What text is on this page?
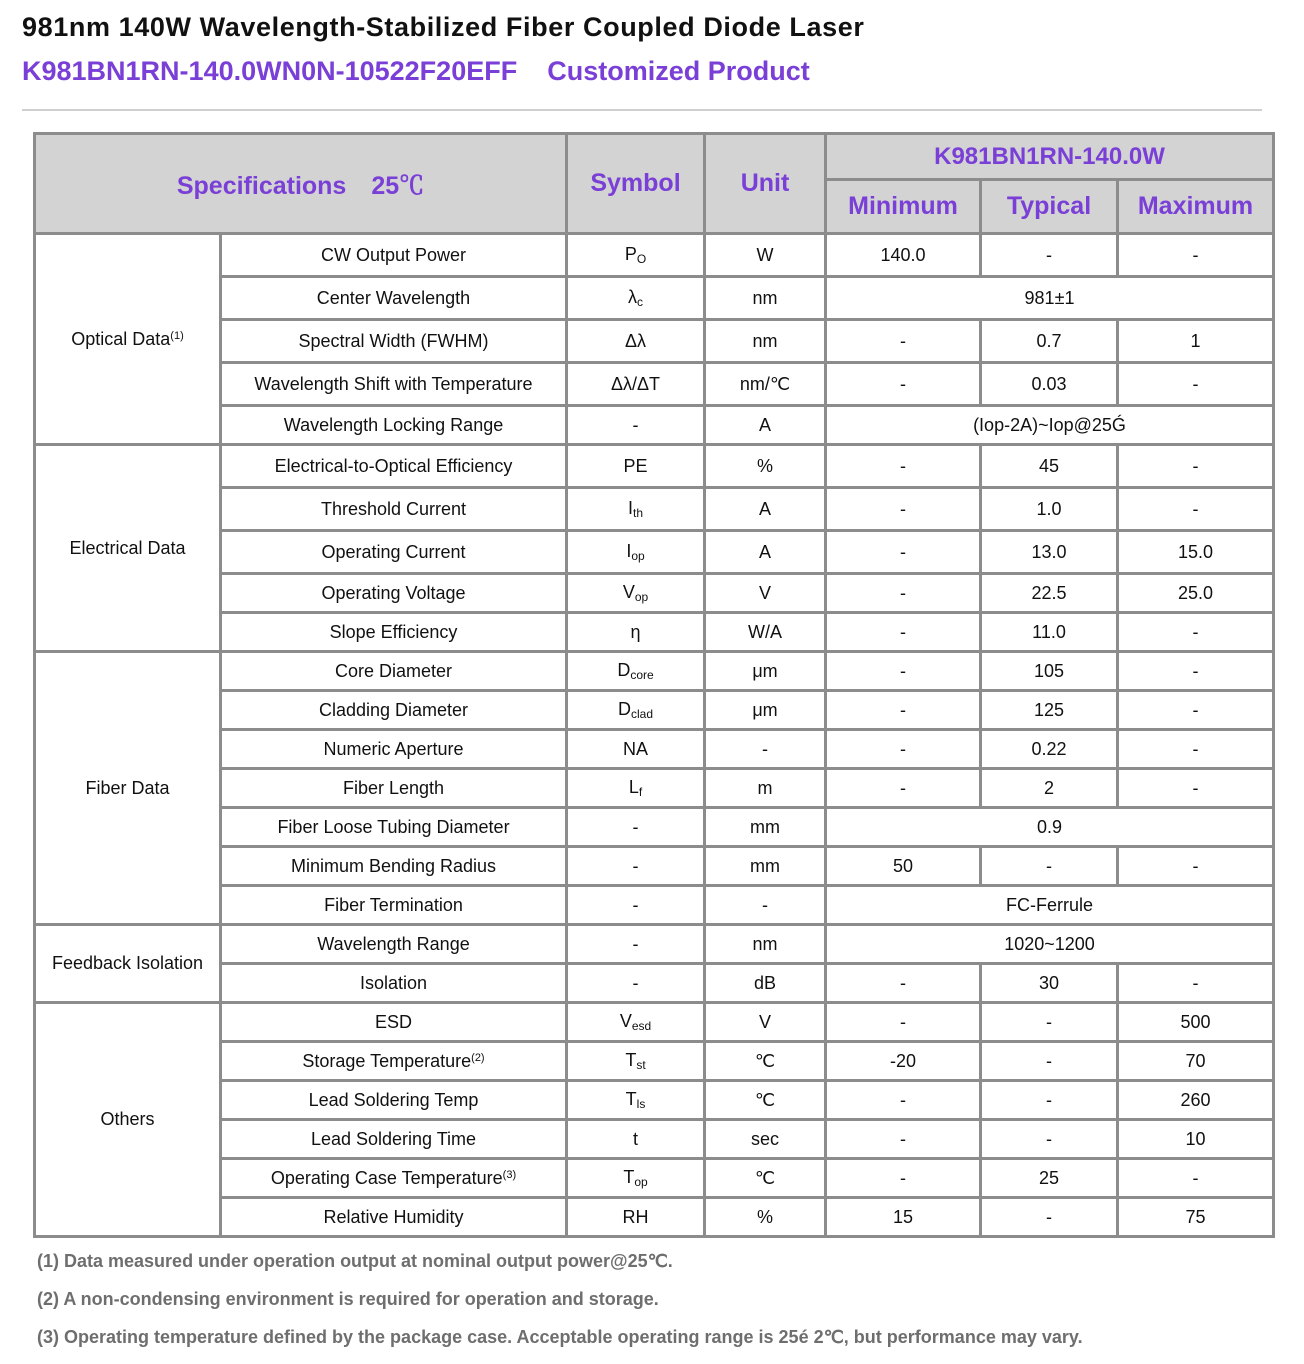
981nm 140W Wavelength-Stabilized Fiber Coupled Diode Laser
K981BN1RN-140.0WN0N-10522F20EFF Customized Product
Specifications　25℃		Symbol	Unit	K981BN1RN-140.0W		
				Minimum	Typical	Maximum
Optical Data$^{(1)}$	CW Output Power	$P_O$	W	140.0	-	-
	Center Wavelength	$\lambda_c$	nm	981±1		
	Spectral Width (FWHM)	Δλ	nm	-	0.7	1
	Wavelength Shift with Temperature	Δλ/ΔT	nm/℃	-	0.03	-
	Wavelength Locking Range	-	A	(Iop-2A)~Iop@25Ǵ		
Electrical Data	Electrical-to-Optical Efficiency	PE	%	-	45	-
	Threshold Current	$I_{th}$	A	-	1.0	-
	Operating Current	$I_{op}$	A	-	13.0	15.0
	Operating Voltage	$V_{op}$	V	-	22.5	25.0
	Slope Efficiency	η	W/A	-	11.0	-
Fiber Data	Core Diameter	$D_{core}$	μm	-	105	-
	Cladding Diameter	$D_{clad}$	μm	-	125	-
	Numeric Aperture	NA	-	-	0.22	-
	Fiber Length	$L_f$	m	-	2	-
	Fiber Loose Tubing Diameter	-	mm	0.9		
	Minimum Bending Radius	-	mm	50	-	-
	Fiber Termination	-	-	FC-Ferrule		
Feedback Isolation	Wavelength Range	-	nm	1020~1200		
	Isolation	-	dB	-	30	-
Others	ESD	$V_{esd}$	V	-	-	500
	Storage Temperature$^{(2)}$	$T_{st}$	℃	-20	-	70
	Lead Soldering Temp	$T_{ls}$	℃	-	-	260
	Lead Soldering Time	t	sec	-	-	10
	Operating Case Temperature$^{(3)}$	$T_{op}$	℃	-	25	-
	Relative Humidity	RH	%	15	-	75
(1) Data measured under operation output at nominal output power@25℃.
(2) A non-condensing environment is required for operation and storage.
(3) Operating temperature defined by the package case. Acceptable operating range is 25é 2℃, but performance may vary.
